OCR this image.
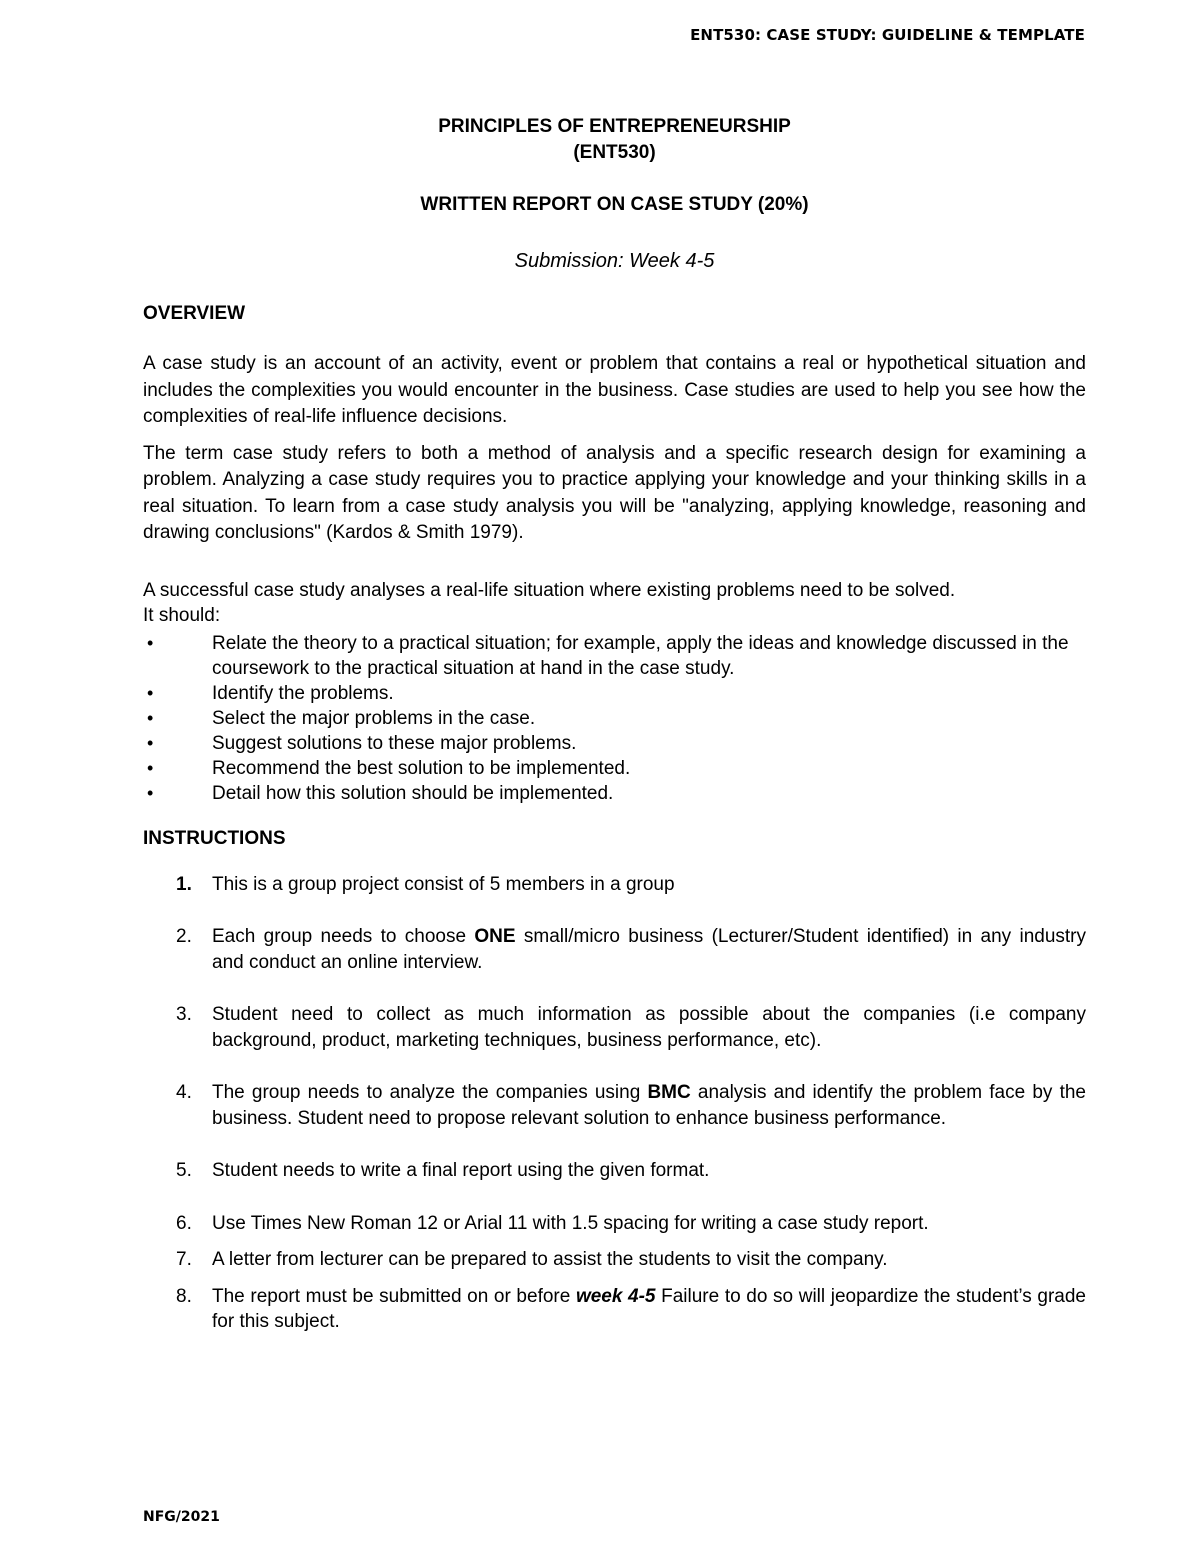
ENT530: CASE STUDY: GUIDELINE & TEMPLATE

PRINCIPLES OF ENTREPRENEURSHIP

(ENT530)

WRITTEN REPORT ON CASE STUDY (20%)

Submission: Week 4-5

OVERVIEW

A case study is an account of an activity, event or problem that contains a real or hypothetical situation and includes the complexities you would encounter in the business. Case studies are used to help you see how the complexities of real-life influence decisions.

The term case study refers to both a method of analysis and a specific research design for examining a problem. Analyzing a case study requires you to practice applying your knowledge and your thinking skills in a real situation. To learn from a case study analysis you will be "analyzing, applying knowledge, reasoning and drawing conclusions" (Kardos & Smith 1979).

A successful case study analyses a real-life situation where existing problems need to be solved.
It should:

•	Relate the theory to a practical situation; for example, apply the ideas and knowledge discussed in the coursework to the practical situation at hand in the case study.
•	Identify the problems.
•	Select the major problems in the case.
•	Suggest solutions to these major problems.
•	Recommend the best solution to be implemented.
•	Detail how this solution should be implemented.

INSTRUCTIONS

1. This is a group project consist of 5 members in a group
2. Each group needs to choose ONE small/micro business (Lecturer/Student identified) in any industry and conduct an online interview.
3. Student need to collect as much information as possible about the companies (i.e company background, product, marketing techniques, business performance, etc).
4. The group needs to analyze the companies using BMC analysis and identify the problem face by the business. Student need to propose relevant solution to enhance business performance.
5. Student needs to write a final report using the given format.
6. Use Times New Roman 12 or Arial 11 with 1.5 spacing for writing a case study report.
7. A letter from lecturer can be prepared to assist the students to visit the company.
8. The report must be submitted on or before week 4-5 Failure to do so will jeopardize the student’s grade for this subject.
NFG/2021
